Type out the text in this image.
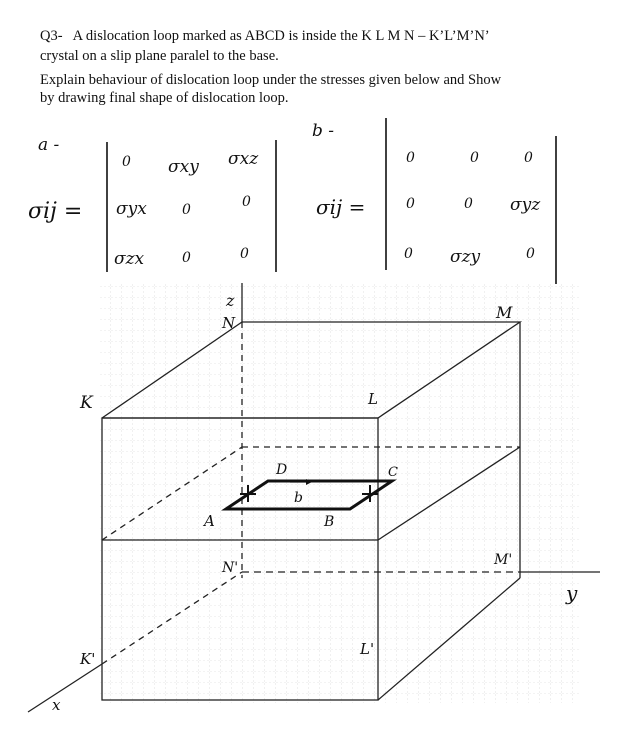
Q3- A dislocation loop marked as ABCD is inside the K L M N – K’L’M’N’

crystal on a slip plane paralel to the base.

Explain behaviour of dislocation loop under the stresses given below and Show

by drawing final shape of dislocation loop.

a -
σij =
0 σxy σxz
σyx	0	0
σzx	0	0
b -
σij =
0	0	0
0	0 σyz
0 σzy	0
z
x
y
N
M
K	L
N'	M'
K'
L'
A	B
C
D
b
